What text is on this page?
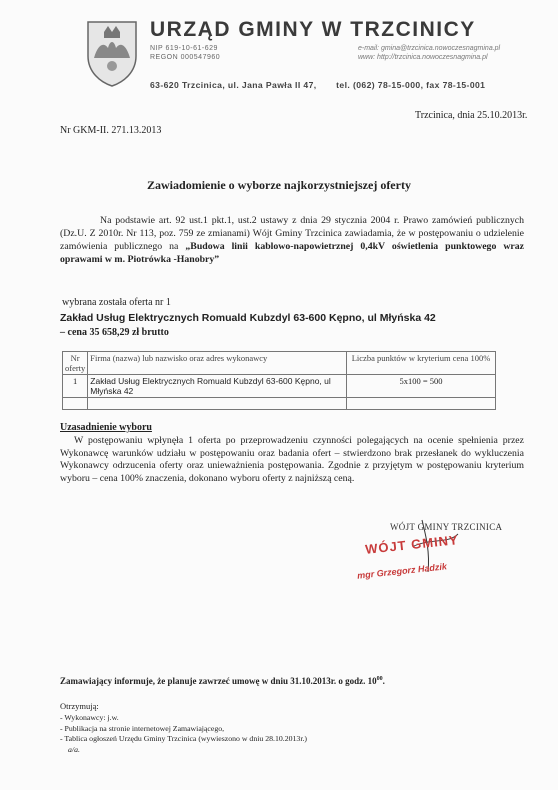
URZĄD GMINY W TRZCINICY
NIP 619-10-61-629
REGON 000547960
e-mail: gmina@trzcinica.nowoczesnagmina.pl
www: http://trzcinica.nowoczesnagmina.pl
63-620 Trzcinica, ul. Jana Pawła II 47, tel. (062) 78-15-000, fax 78-15-001
Trzcinica, dnia 25.10.2013r.
Nr GKM-II. 271.13.2013
Zawiadomienie o wyborze najkorzystniejszej oferty
Na podstawie art. 92 ust.1 pkt.1, ust.2 ustawy z dnia 29 stycznia 2004 r. Prawo zamówień publicznych (Dz.U. Z 2010r. Nr 113, poz. 759 ze zmianami) Wójt Gminy Trzcinica zawiadamia, że w postępowaniu o udzielenie zamówienia publicznego na „Budowa linii kablowo-napowietrznej 0,4kV oświetlenia punktowego wraz oprawami w m. Piotrówka -Hanobry”
wybrana została oferta nr 1
Zakład Usług Elektrycznych Romuald Kubzdyl 63-600 Kępno, ul Młyńska 42
– cena 35 658,29 zł brutto
Nr oferty	Firma (nazwa) lub nazwisko oraz adres wykonawcy	Liczba punktów w kryterium cena 100%
1	Zakład Usług Elektrycznych Romuald Kubzdyl 63-600 Kępno, ul Młyńska 42	5x100 = 500

Uzasadnienie wyboru
W postępowaniu wpłynęła 1 oferta po przeprowadzeniu czynności polegających na ocenie spełnienia przez Wykonawcę warunków udziału w postępowaniu oraz badania ofert – stwierdzono brak przesłanek do wykluczenia Wykonawcy odrzucenia oferty oraz unieważnienia postępowania. Zgodnie z przyjętym w postępowaniu kryterium wyboru – cena 100% znaczenia, dokonano wyboru oferty z najniższą ceną.
WÓJT GMINY TRZCINICA
WÓJT GMINY
mgr Grzegorz Hadzik
Zamawiający informuje, że planuje zawrzeć umowę w dniu 31.10.2013r. o godz. $10^{00}$.
Otrzymują:
- Wykonawcy: j.w.
- Publikacja na stronie internetowej Zamawiającego,
- Tablica ogłoszeń Urzędu Gminy Trzcinica (wywieszono w dniu 28.10.2013r.)
a/a.
